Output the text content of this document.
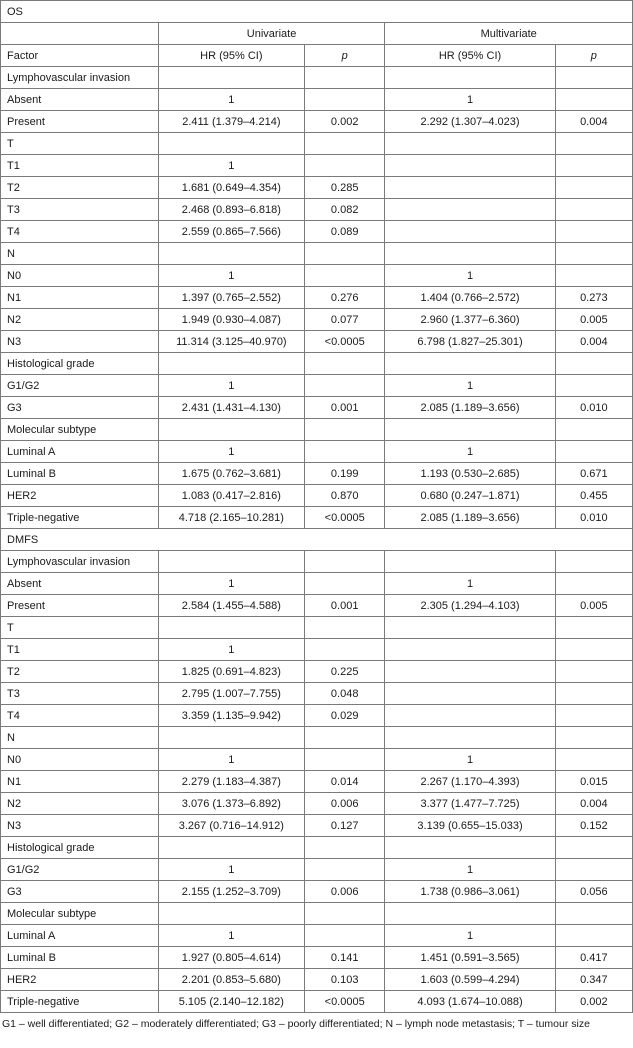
OS				
	Univariate		Multivariate	
Factor	HR (95% CI)	p	HR (95% CI)	p
Lymphovascular invasion				
Absent	1		1	
Present	2.411 (1.379–4.214)	0.002	2.292 (1.307–4.023)	0.004
T				
T1	1			
T2	1.681 (0.649–4.354)	0.285		
T3	2.468 (0.893–6.818)	0.082		
T4	2.559 (0.865–7.566)	0.089		
N				
N0	1		1	
N1	1.397 (0.765–2.552)	0.276	1.404 (0.766–2.572)	0.273
N2	1.949 (0.930–4.087)	0.077	2.960 (1.377–6.360)	0.005
N3	11.314 (3.125–40.970)	<0.0005	6.798 (1.827–25.301)	0.004
Histological grade				
G1/G2	1		1	
G3	2.431 (1.431–4.130)	0.001	2.085 (1.189–3.656)	0.010
Molecular subtype				
Luminal A	1		1	
Luminal B	1.675 (0.762–3.681)	0.199	1.193 (0.530–2.685)	0.671
HER2	1.083 (0.417–2.816)	0.870	0.680 (0.247–1.871)	0.455
Triple-negative	4.718 (2.165–10.281)	<0.0005	2.085 (1.189–3.656)	0.010
DMFS				
Lymphovascular invasion				
Absent	1		1	
Present	2.584 (1.455–4.588)	0.001	2.305 (1.294–4.103)	0.005
T				
T1	1			
T2	1.825 (0.691–4.823)	0.225		
T3	2.795 (1.007–7.755)	0.048		
T4	3.359 (1.135–9.942)	0.029		
N				
N0	1		1	
N1	2.279 (1.183–4.387)	0.014	2.267 (1.170–4.393)	0.015
N2	3.076 (1.373–6.892)	0.006	3.377 (1.477–7.725)	0.004
N3	3.267 (0.716–14.912)	0.127	3.139 (0.655–15.033)	0.152
Histological grade				
G1/G2	1		1	
G3	2.155 (1.252–3.709)	0.006	1.738 (0.986–3.061)	0.056
Molecular subtype				
Luminal A	1		1	
Luminal B	1.927 (0.805–4.614)	0.141	1.451 (0.591–3.565)	0.417
HER2	2.201 (0.853–5.680)	0.103	1.603 (0.599–4.294)	0.347
Triple-negative	5.105 (2.140–12.182)	<0.0005	4.093 (1.674–10.088)	0.002
G1 – well differentiated; G2 – moderately differentiated; G3 – poorly differentiated; N – lymph node metastasis; T – tumour size
